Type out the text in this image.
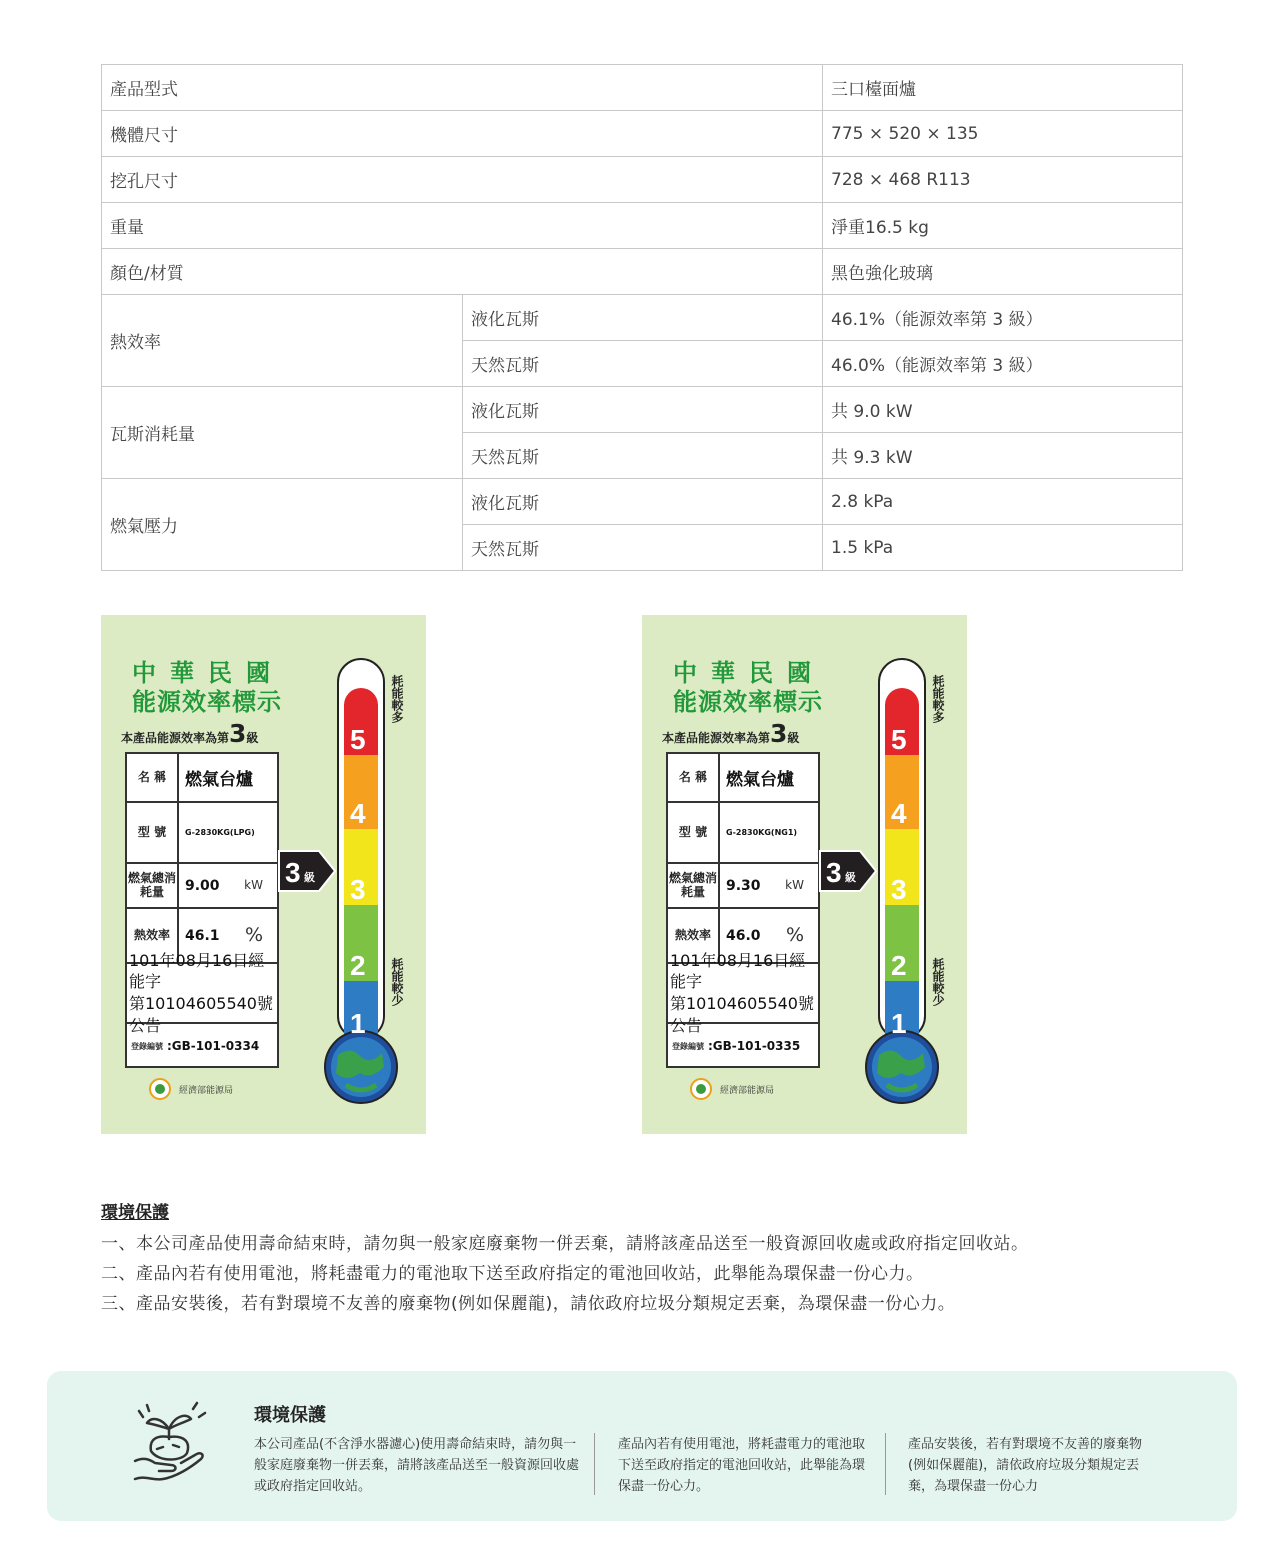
產品型式		三口檯面爐
機體尺寸		775 × 520 × 135
挖孔尺寸		728 × 468 R113
重量		淨重16.5 kg
顏色/材質		黑色強化玻璃
熱效率	液化瓦斯	46.1%（能源效率第 3 級）
	天然瓦斯	46.0%（能源效率第 3 級）
瓦斯消耗量	液化瓦斯	共 9.0 kW
	天然瓦斯	共 9.3 kW
燃氣壓力	液化瓦斯	2.8 kPa
	天然瓦斯	1.5 kPa
中華民國
能源效率標示
本產品能源效率為第3級
名 稱	燃氣台爐
型 號	G-2830KG(LPG)
燃氣總消耗量	9.00	kW
熱效率	46.1	%
101年08月16日經能字
第10104605540號公告
登錄編號 :GB-101-0334
3 級
5
4
3
2
1
耗能較多
耗能較少
經濟部能源局
中華民國
能源效率標示
本產品能源效率為第3級
名 稱	燃氣台爐
型 號	G-2830KG(NG1)
燃氣總消耗量	9.30	kW
熱效率	46.0	%
101年08月16日經能字
第10104605540號公告
登錄編號 :GB-101-0335
3 級
5
4
3
2
1
耗能較多
耗能較少
經濟部能源局
環境保護
一、本公司產品使用壽命結束時，請勿與一般家庭廢棄物一併丟棄，請將該產品送至一般資源回收處或政府指定回收站。
二、產品內若有使用電池，將耗盡電力的電池取下送至政府指定的電池回收站，此舉能為環保盡一份心力。
三、產品安裝後，若有對環境不友善的廢棄物(例如保麗龍)，請依政府垃圾分類規定丟棄，為環保盡一份心力。
環境保護
本公司產品(不含淨水器濾心)使用壽命結束時，請勿與一般家庭廢棄物一併丟棄，請將該產品送至一般資源回收處或政府指定回收站。
產品內若有使用電池，將耗盡電力的電池取下送至政府指定的電池回收站，此舉能為環保盡一份心力。
產品安裝後，若有對環境不友善的廢棄物(例如保麗龍)，請依政府垃圾分類規定丟棄，為環保盡一份心力
